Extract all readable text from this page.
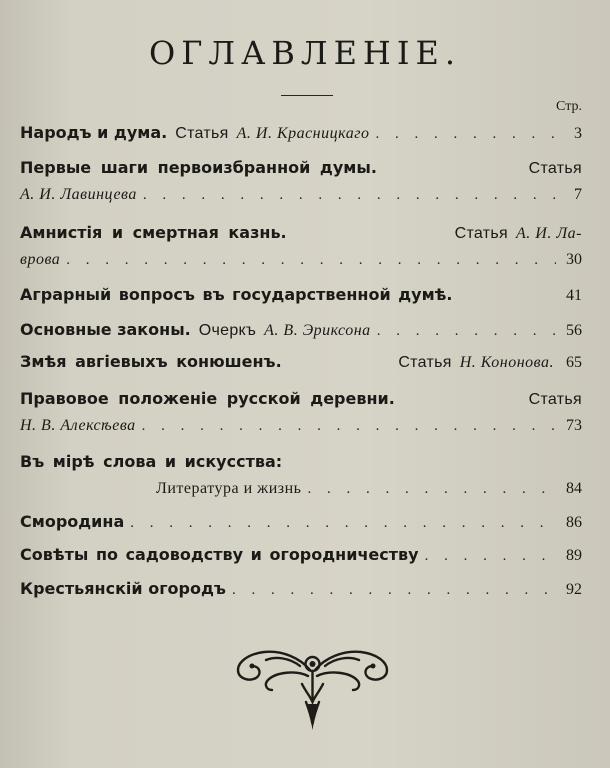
ОГЛАВЛЕНІЕ.
Стр.
Народъ и дума. Статья А. И. Красницкаго . . .	3
Первые шаги первоизбранной думы.	Статья
А. И. Лавинцева . . .	7
Амнистія и смертная казнь.	Статья А. И. Ла-
врова . . .	30
Аграрный вопросъ въ государственной думѣ.	41
Основные законы. Очеркъ А. В. Эриксона . . .	56
Змѣя авгіевыхъ конюшенъ.	Статья Н. Кононова. 65
Правовое положеніе русской деревни.	Статья
Н. В. Алексѣева . . .	73
Въ мірѣ слова и искусства:
Литература и жизнь . . .	84
Смородина . . .	86
Совѣты по садоводству и огородничеству . . .	89
Крестьянскій огородъ . . .	92
